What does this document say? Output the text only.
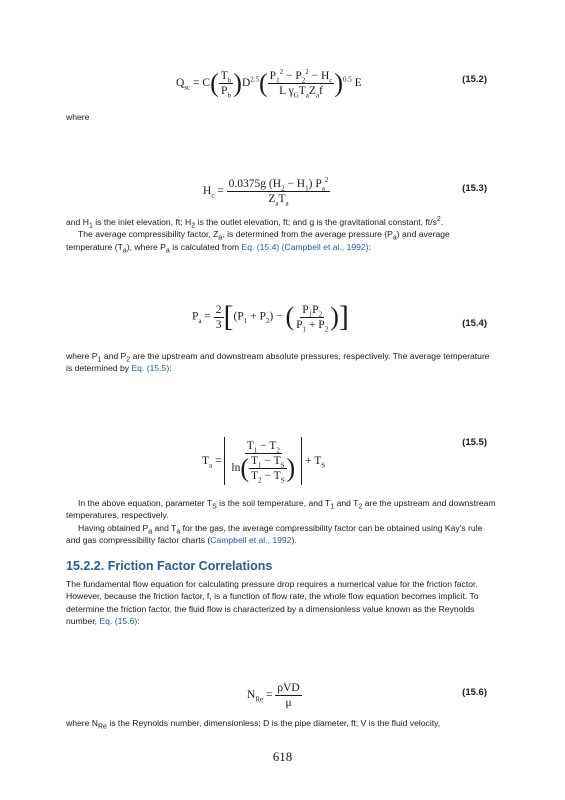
$Q_{sc} = C( \frac{T_b}{P_b} )D^{2.5}( \frac{P_1^2 - P_2^2 - H_c}{L \gamma_GT_aZ_af} )^{0.5}$ E	(15.2)

where

$H_c = \frac{0.0375g (H_2 - H_1) P_a^2}{Z_aT_a}$	(15.3)

and $H_1$ is the inlet elevation, ft; $H_2$ is the outlet elevation, ft; and g is the gravitational constant, $ft/s^2$.

The average compressibility factor, $Z_a$, is determined from the average pressure $(P_a)$ and average temperature $(T_a)$, where $P_a$ is calculated from Eq. (15.4) (Campbell et al., 1992):

$P_a = \frac{2}{3} [(P_1 + P_2)$ − ( $\frac{P_1P_2}{P_1 + P_2}$ )]	(15.4)

where $P_1$ and $P_2$ are the upstream and downstream absolute pressures, respectively. The average temperature is determined by Eq. (15.5):

$T_a = \frac{T_1 - T_2}{\ln( \frac{T_1 - T_S}{T_2 - T_S} )} + T_S$
(15.5)

In the above equation, parameter $T_S$ is the soil temperature, and $T_1$ and $T_2$ are the upstream and downstream temperatures, respectively.

Having obtained $P_a$ and $T_a$ for the gas, the average compressibility factor can be obtained using Kay's rule and gas compressibility factor charts (Campbell et al., 1992).

15.2.2. Friction Factor Correlations

The fundamental flow equation for calculating pressure drop requires a numerical value for the friction factor. However, because the friction factor, f, is a function of flow rate, the whole flow equation becomes implicit. To determine the friction factor, the fluid flow is characterized by a dimensionless value known as the Reynolds number, Eq. (15.6):

$N_{Re} = \frac{\text{ρVD}}{\mu}$	(15.6)

where $N_{Re}$ is the Reynolds number, dimensionless; D is the pipe diameter, ft; V is the fluid velocity,

618
